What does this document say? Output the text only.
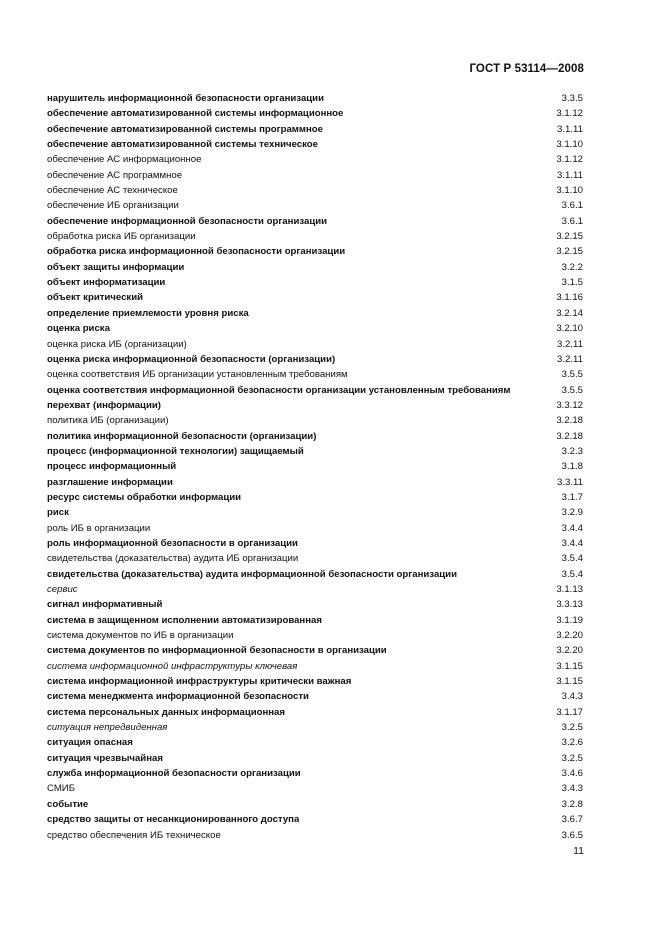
ГОСТ Р 53114—2008
нарушитель информационной безопасности организации	3.3.5
обеспечение автоматизированной системы информационное	3.1.12
обеспечение автоматизированной системы программное	3.1.11
обеспечение автоматизированной системы техническое	3.1.10
обеспечение АС информационное	3.1.12
обеспечение АС программное	3.1.11
обеспечение АС техническое	3.1.10
обеспечение ИБ организации	3.6.1
обеспечение информационной безопасности организации	3.6.1
обработка риска ИБ организации	3.2.15
обработка риска информационной безопасности организации	3.2.15
объект защиты информации	3.2.2
объект информатизации	3.1.5
объект критический	3.1.16
определение приемлемости уровня риска	3.2.14
оценка риска	3.2.10
оценка риска ИБ (организации)	3.2.11
оценка риска информационной безопасности (организации)	3.2.11
оценка соответствия ИБ организации установленным требованиям	3.5.5
оценка соответствия информационной безопасности организации установленным требованиям	3.5.5
перехват (информации)	3.3.12
политика ИБ (организации)	3.2.18
политика информационной безопасности (организации)	3.2.18
процесс (информационной технологии) защищаемый	3.2.3
процесс информационный	3.1.8
разглашение информации	3.3.11
ресурс системы обработки информации	3.1.7
риск	3.2.9
роль ИБ в организации	3.4.4
роль информационной безопасности в организации	3.4.4
свидетельства (доказательства) аудита ИБ организации	3.5.4
свидетельства (доказательства) аудита информационной безопасности организации	3.5.4
сервис	3.1.13
сигнал информативный	3.3.13
система в защищенном исполнении автоматизированная	3.1.19
система документов по ИБ в организации	3.2.20
система документов по информационной безопасности в организации	3.2.20
система информационной инфраструктуры ключевая	3.1.15
система информационной инфраструктуры критически важная	3.1.15
система менеджмента информационной безопасности	3.4.3
система персональных данных информационная	3.1.17
ситуация непредвиденная	3.2.5
ситуация опасная	3.2.6
ситуация чрезвычайная	3.2.5
служба информационной безопасности организации	3.4.6
СМИБ	3.4.3
событие	3.2.8
средство защиты от несанкционированного доступа	3.6.7
средство обеспечения ИБ техническое	3.6.5
11
